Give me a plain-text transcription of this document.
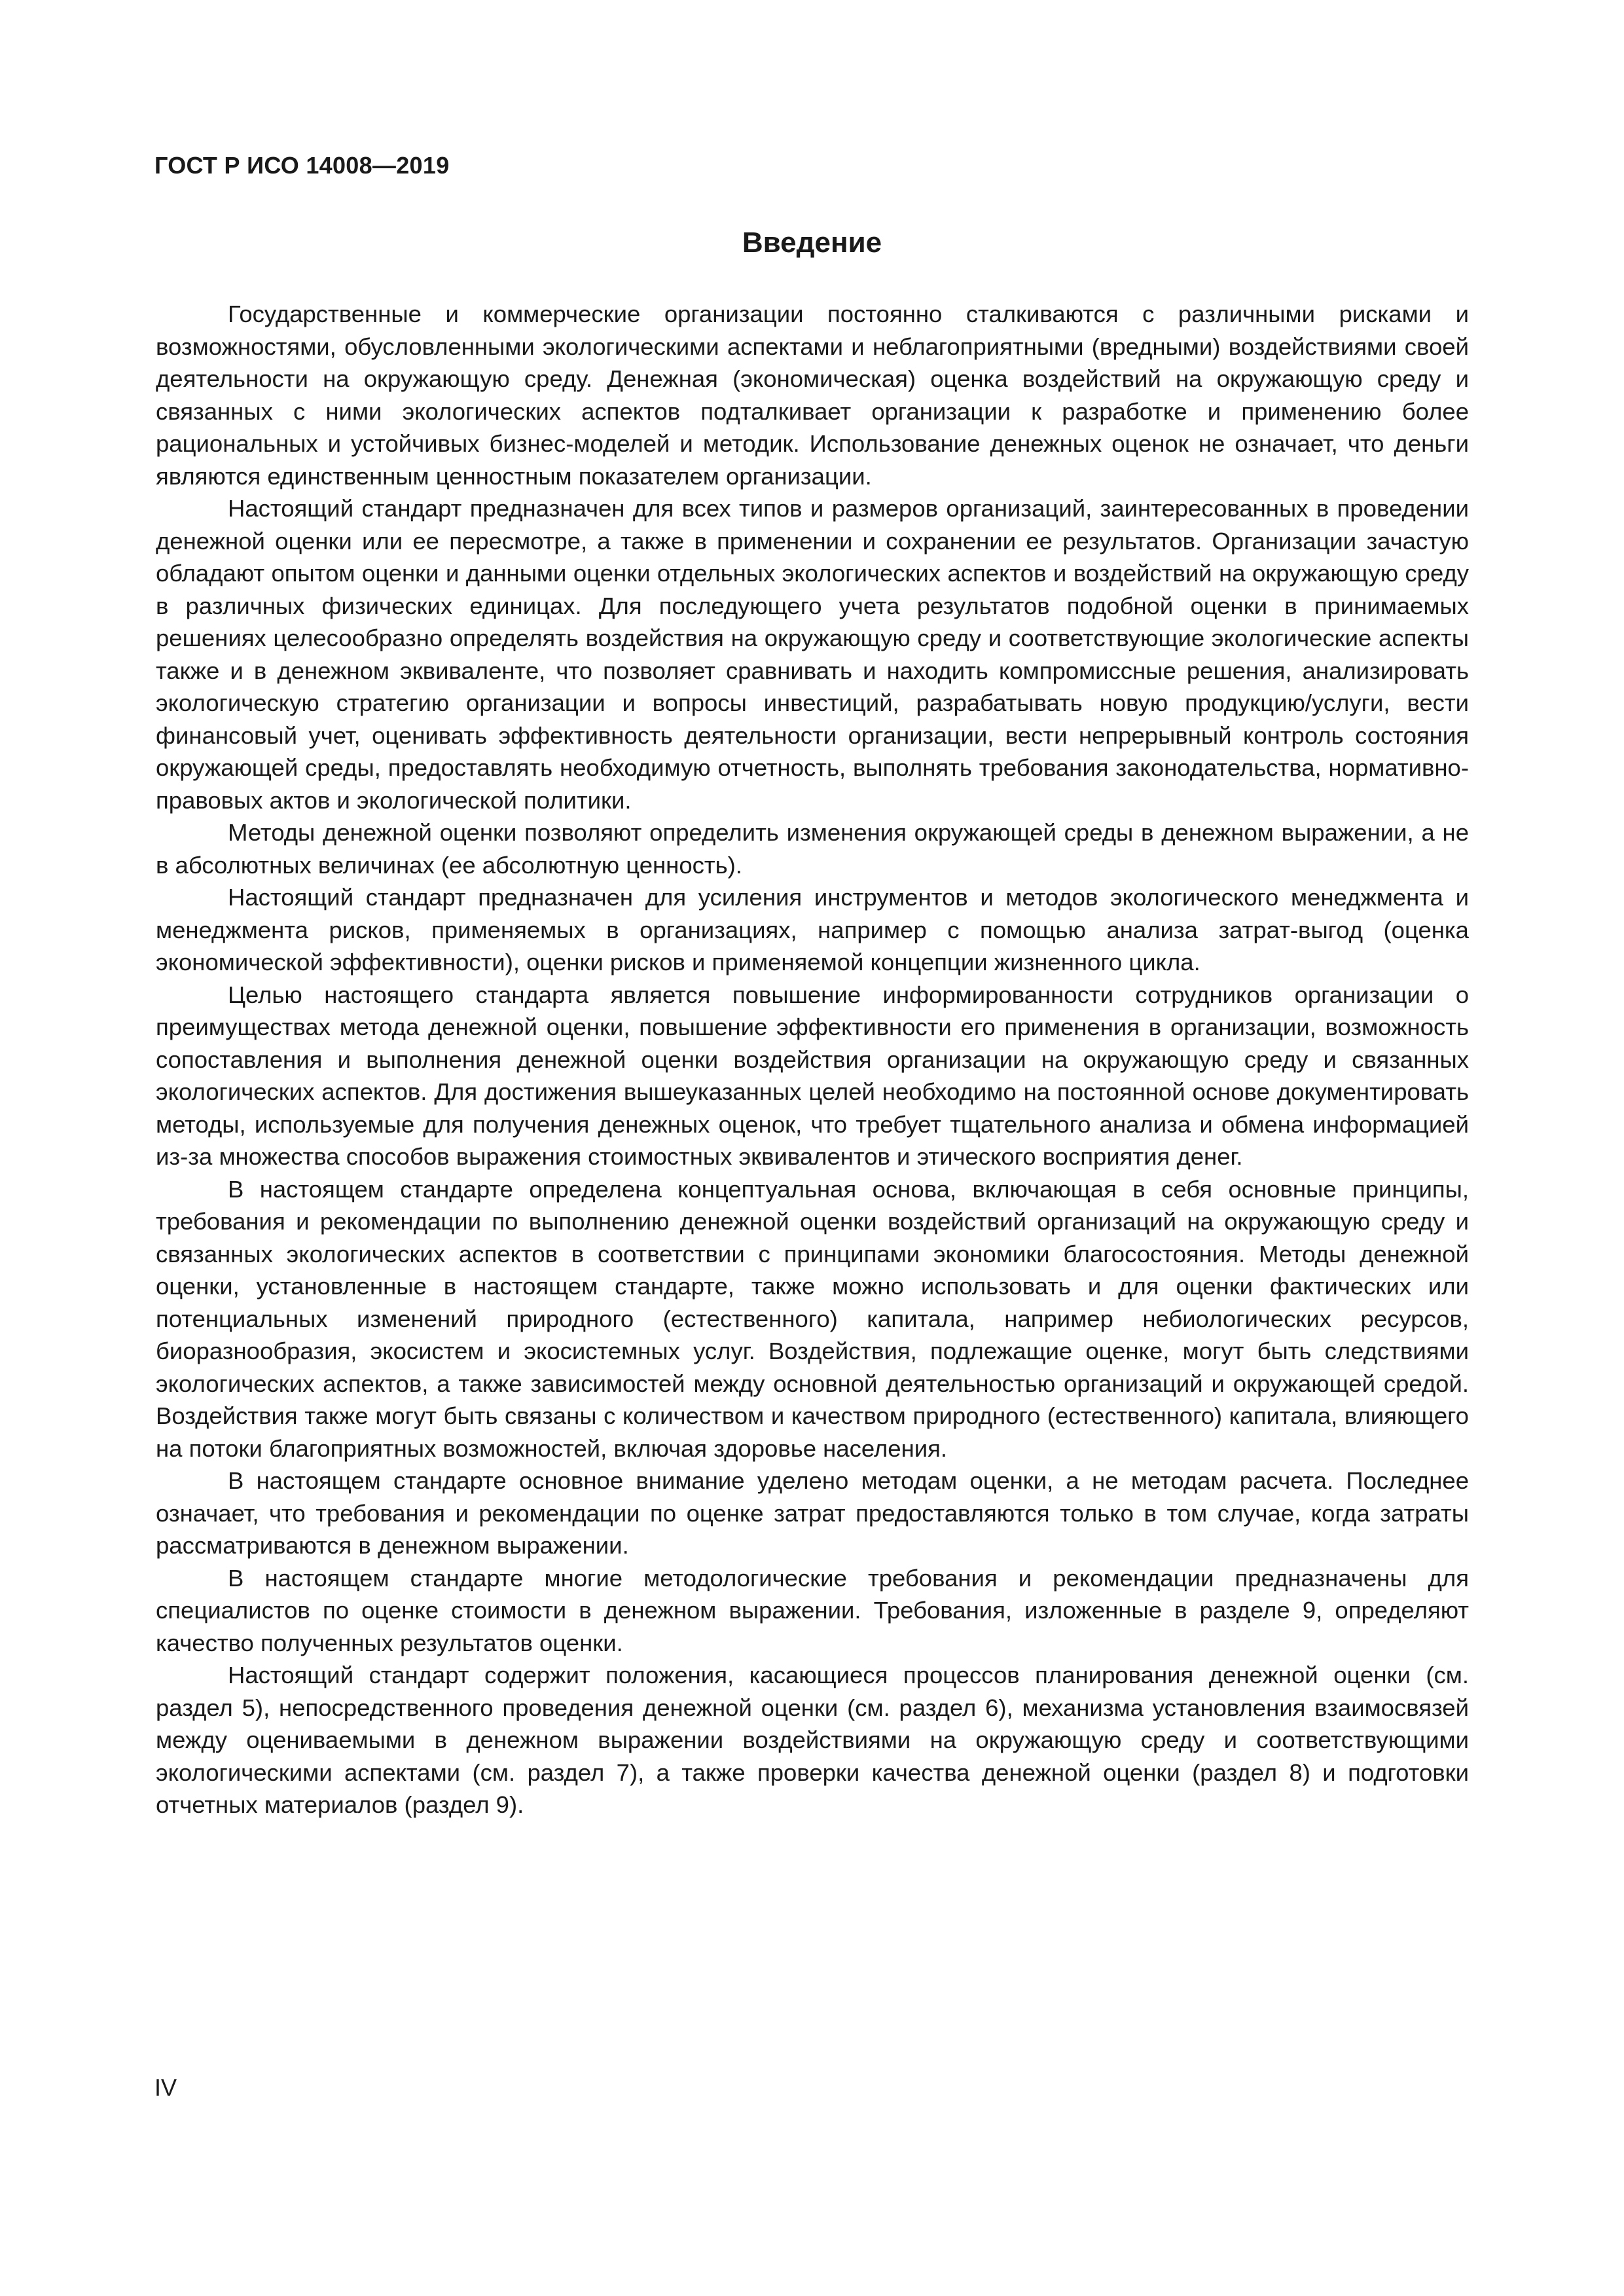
ГОСТ Р ИСО 14008—2019
Введение

Государственные и коммерческие организации постоянно сталкиваются с различными рисками и возможностями, обусловленными экологическими аспектами и неблагоприятными (вредными) воздействиями своей деятельности на окружающую среду. Денежная (экономическая) оценка воздействий на окружающую среду и связанных с ними экологических аспектов подталкивает организации к разработке и применению более рациональных и устойчивых бизнес-моделей и методик. Использование денежных оценок не означает, что деньги являются единственным ценностным показателем организации.

Настоящий стандарт предназначен для всех типов и размеров организаций, заинтересованных в проведении денежной оценки или ее пересмотре, а также в применении и сохранении ее результатов. Организации зачастую обладают опытом оценки и данными оценки отдельных экологических аспектов и воздействий на окружающую среду в различных физических единицах. Для последующего учета результатов подобной оценки в принимаемых решениях целесообразно определять воздействия на окружающую среду и соответствующие экологические аспекты также и в денежном эквиваленте, что позволяет сравнивать и находить компромиссные решения, анализировать экологическую стратегию организации и вопросы инвестиций, разрабатывать новую продукцию/услуги, вести финансовый учет, оценивать эффективность деятельности организации, вести непрерывный контроль состояния окружающей среды, предоставлять необходимую отчетность, выполнять требования законодательства, нормативно-правовых актов и экологической политики.

Методы денежной оценки позволяют определить изменения окружающей среды в денежном выражении, а не в абсолютных величинах (ее абсолютную ценность).

Настоящий стандарт предназначен для усиления инструментов и методов экологического менеджмента и менеджмента рисков, применяемых в организациях, например с помощью анализа затрат-выгод (оценка экономической эффективности), оценки рисков и применяемой концепции жизненного цикла.

Целью настоящего стандарта является повышение информированности сотрудников организации о преимуществах метода денежной оценки, повышение эффективности его применения в организации, возможность сопоставления и выполнения денежной оценки воздействия организации на окружающую среду и связанных экологических аспектов. Для достижения вышеуказанных целей необходимо на постоянной основе документировать методы, используемые для получения денежных оценок, что требует тщательного анализа и обмена информацией из-за множества способов выражения стоимостных эквивалентов и этического восприятия денег.

В настоящем стандарте определена концептуальная основа, включающая в себя основные принципы, требования и рекомендации по выполнению денежной оценки воздействий организаций на окружающую среду и связанных экологических аспектов в соответствии с принципами экономики благосостояния. Методы денежной оценки, установленные в настоящем стандарте, также можно использовать и для оценки фактических или потенциальных изменений природного (естественного) капитала, например небиологических ресурсов, биоразнообразия, экосистем и экосистемных услуг. Воздействия, подлежащие оценке, могут быть следствиями экологических аспектов, а также зависимостей между основной деятельностью организаций и окружающей средой. Воздействия также могут быть связаны с количеством и качеством природного (естественного) капитала, влияющего на потоки благоприятных возможностей, включая здоровье населения.

В настоящем стандарте основное внимание уделено методам оценки, а не методам расчета. Последнее означает, что требования и рекомендации по оценке затрат предоставляются только в том случае, когда затраты рассматриваются в денежном выражении.

В настоящем стандарте многие методологические требования и рекомендации предназначены для специалистов по оценке стоимости в денежном выражении. Требования, изложенные в разделе 9, определяют качество полученных результатов оценки.

Настоящий стандарт содержит положения, касающиеся процессов планирования денежной оценки (см. раздел 5), непосредственного проведения денежной оценки (см. раздел 6), механизма установления взаимосвязей между оцениваемыми в денежном выражении воздействиями на окружающую среду и соответствующими экологическими аспектами (см. раздел 7), а также проверки качества денежной оценки (раздел 8) и подготовки отчетных материалов (раздел 9).

IV
